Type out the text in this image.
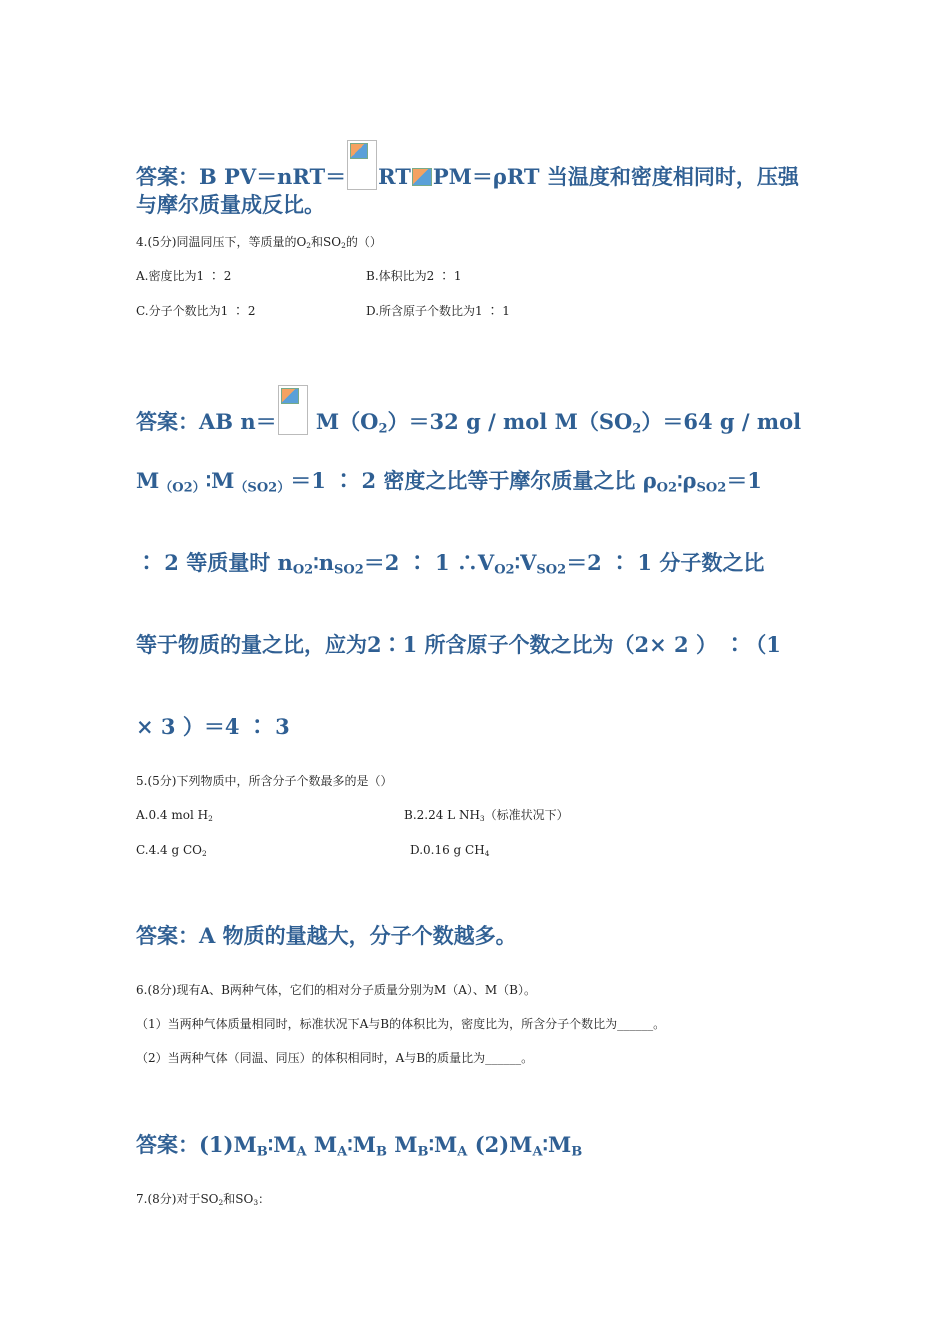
答案：B PV＝nRT＝ RT PM＝ρRT 当温度和密度相同时，压强
与摩尔质量成反比。
4.(5分)同温同压下，等质量的$O_2$和$SO_2$的（）
A.密度比为1 ∶ 2	B.体积比为2 ∶ 1
C.分子个数比为1 ∶ 2	D.所含原子个数比为1 ∶ 1
答案：AB n＝
$M(O_2)=32$ g / mol $M(SO_2)=64$ g / mol
$M_{(O2)}∶M_{(SO2)}=1$ ∶ 2 密度之比等于摩尔质量之比 $\rho_{O2}∶\rho_{SO2}=1$
∶ 2 等质量时 $n_{O2}∶n_{SO2}=2$ ∶ 1 $\therefore V_{O2}∶V_{SO2}=2$ ∶ 1 分子数之比
等于物质的量之比，应为2∶1 所含原子个数之比为（2× 2 ） ∶（1
× 3 ）＝4 ∶ 3
5.(5分)下列物质中，所含分子个数最多的是（）
A.0.4 mol $H_2$	B.2.24 L $NH_3$（标准状况下）
C.4.4 g $CO_2$	D.0.16 g $CH_4$
答案：A 物质的量越大，分子个数越多。
6.(8分)现有A、B两种气体，它们的相对分子质量分别为M（A）、M（B）。
（1）当两种气体质量相同时，标准状况下A与B的体积比为，密度比为，所含分子个数比为______。
（2）当两种气体（同温、同压）的体积相同时，A与B的质量比为______。
答案：$(1)M_B∶M_A$ $M_A∶M_B$ $M_B∶M_A$ $(2)M_A∶M_B$
7.(8分)对于$SO_2$和$SO_3$：
